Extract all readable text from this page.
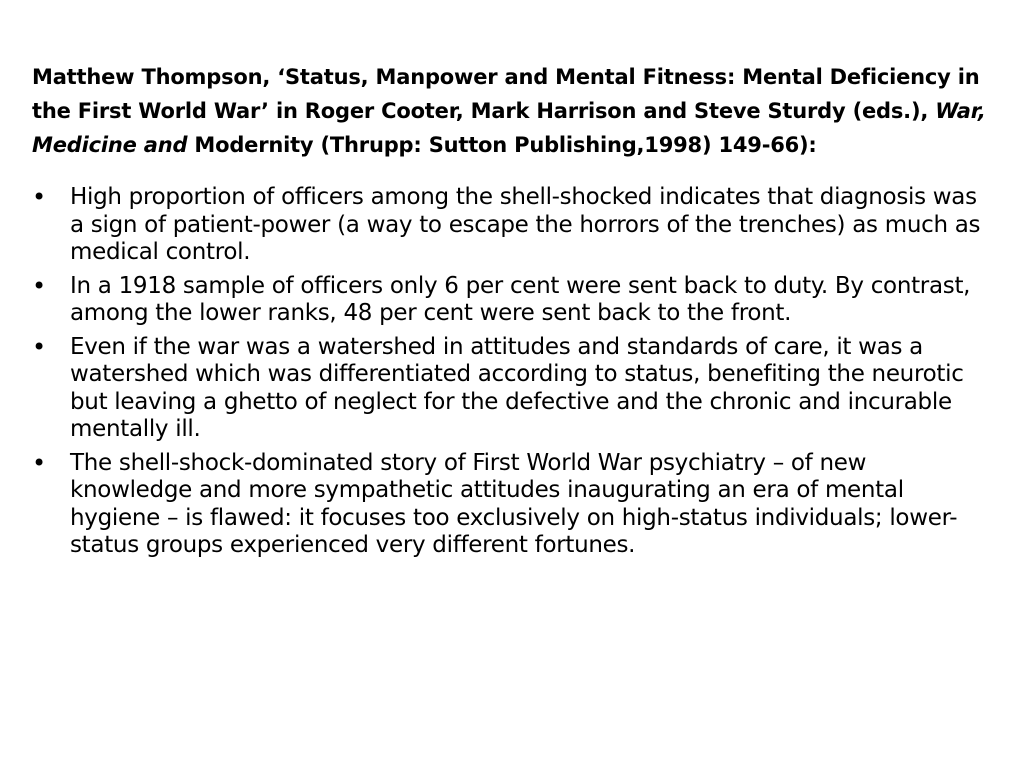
Matthew Thompson, ‘Status, Manpower and Mental Fitness: Mental Deficiency in the First World War’ in Roger Cooter, Mark Harrison and Steve Sturdy (eds.), War, Medicine and Modernity (Thrupp: Sutton Publishing,1998) 149-66):

•	High proportion of officers among the shell-shocked indicates that diagnosis was a sign of patient-power (a way to escape the horrors of the trenches) as much as medical control.
•	In a 1918 sample of officers only 6 per cent were sent back to duty. By contrast, among the lower ranks, 48 per cent were sent back to the front.
•	Even if the war was a watershed in attitudes and standards of care, it was a watershed which was differentiated according to status, benefiting the neurotic but leaving a ghetto of neglect for the defective and the chronic and incurable mentally ill.
•	The shell-shock-dominated story of First World War psychiatry – of new knowledge and more sympathetic attitudes inaugurating an era of mental hygiene – is flawed: it focuses too exclusively on high-status individuals; lower-status groups experienced very different fortunes.
